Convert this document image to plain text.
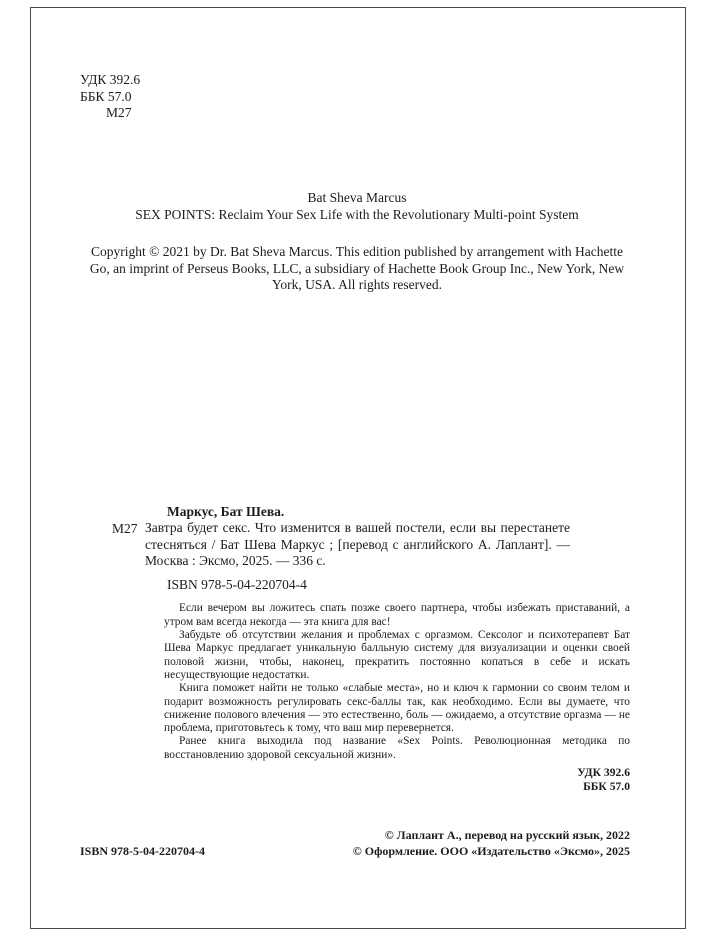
УДК 392.6
ББК 57.0
М27
Bat Sheva Marcus
SEX POINTS: Reclaim Your Sex Life with the Revolutionary Multi-point System
Copyright © 2021 by Dr. Bat Sheva Marcus. This edition published by arrangement with Hachette Go, an imprint of Perseus Books, LLC, a subsidiary of Hachette Book Group Inc., New York, New York, USA. All rights reserved.
М27

Маркус, Бат Шева.

Завтра будет секс. Что изменится в вашей постели, если вы перестанете стесняться / Бат Шева Маркус ; [перевод с английского А. Лаплант]. — Москва : Эксмо, 2025. — 336 с.

ISBN 978-5-04-220704-4

Если вечером вы ложитесь спать позже своего партнера, чтобы избежать приставаний, а утром вам всегда некогда — эта книга для вас!

Забудьте об отсутствии желания и проблемах с оргазмом. Сексолог и психотерапевт Бат Шева Маркус предлагает уникальную балльную систему для визуализации и оценки своей половой жизни, чтобы, наконец, прекратить постоянно копаться в себе и искать несуществующие недостатки.

Книга поможет найти не только «слабые места», но и ключ к гармонии со своим телом и подарит возможность регулировать секс-баллы так, как необходимо. Если вы думаете, что снижение полового влечения — это естественно, боль — ожидаемо, а отсутствие оргазма — не проблема, приготовьтесь к тому, что ваш мир перевернется.

Ранее книга выходила под название «Sex Points. Революционная методика по восстановлению здоровой сексуальной жизни».

УДК 392.6
ББК 57.0
ISBN 978-5-04-220704-4
© Лаплант А., перевод на русский язык, 2022
© Оформление. ООО «Издательство «Эксмо», 2025
